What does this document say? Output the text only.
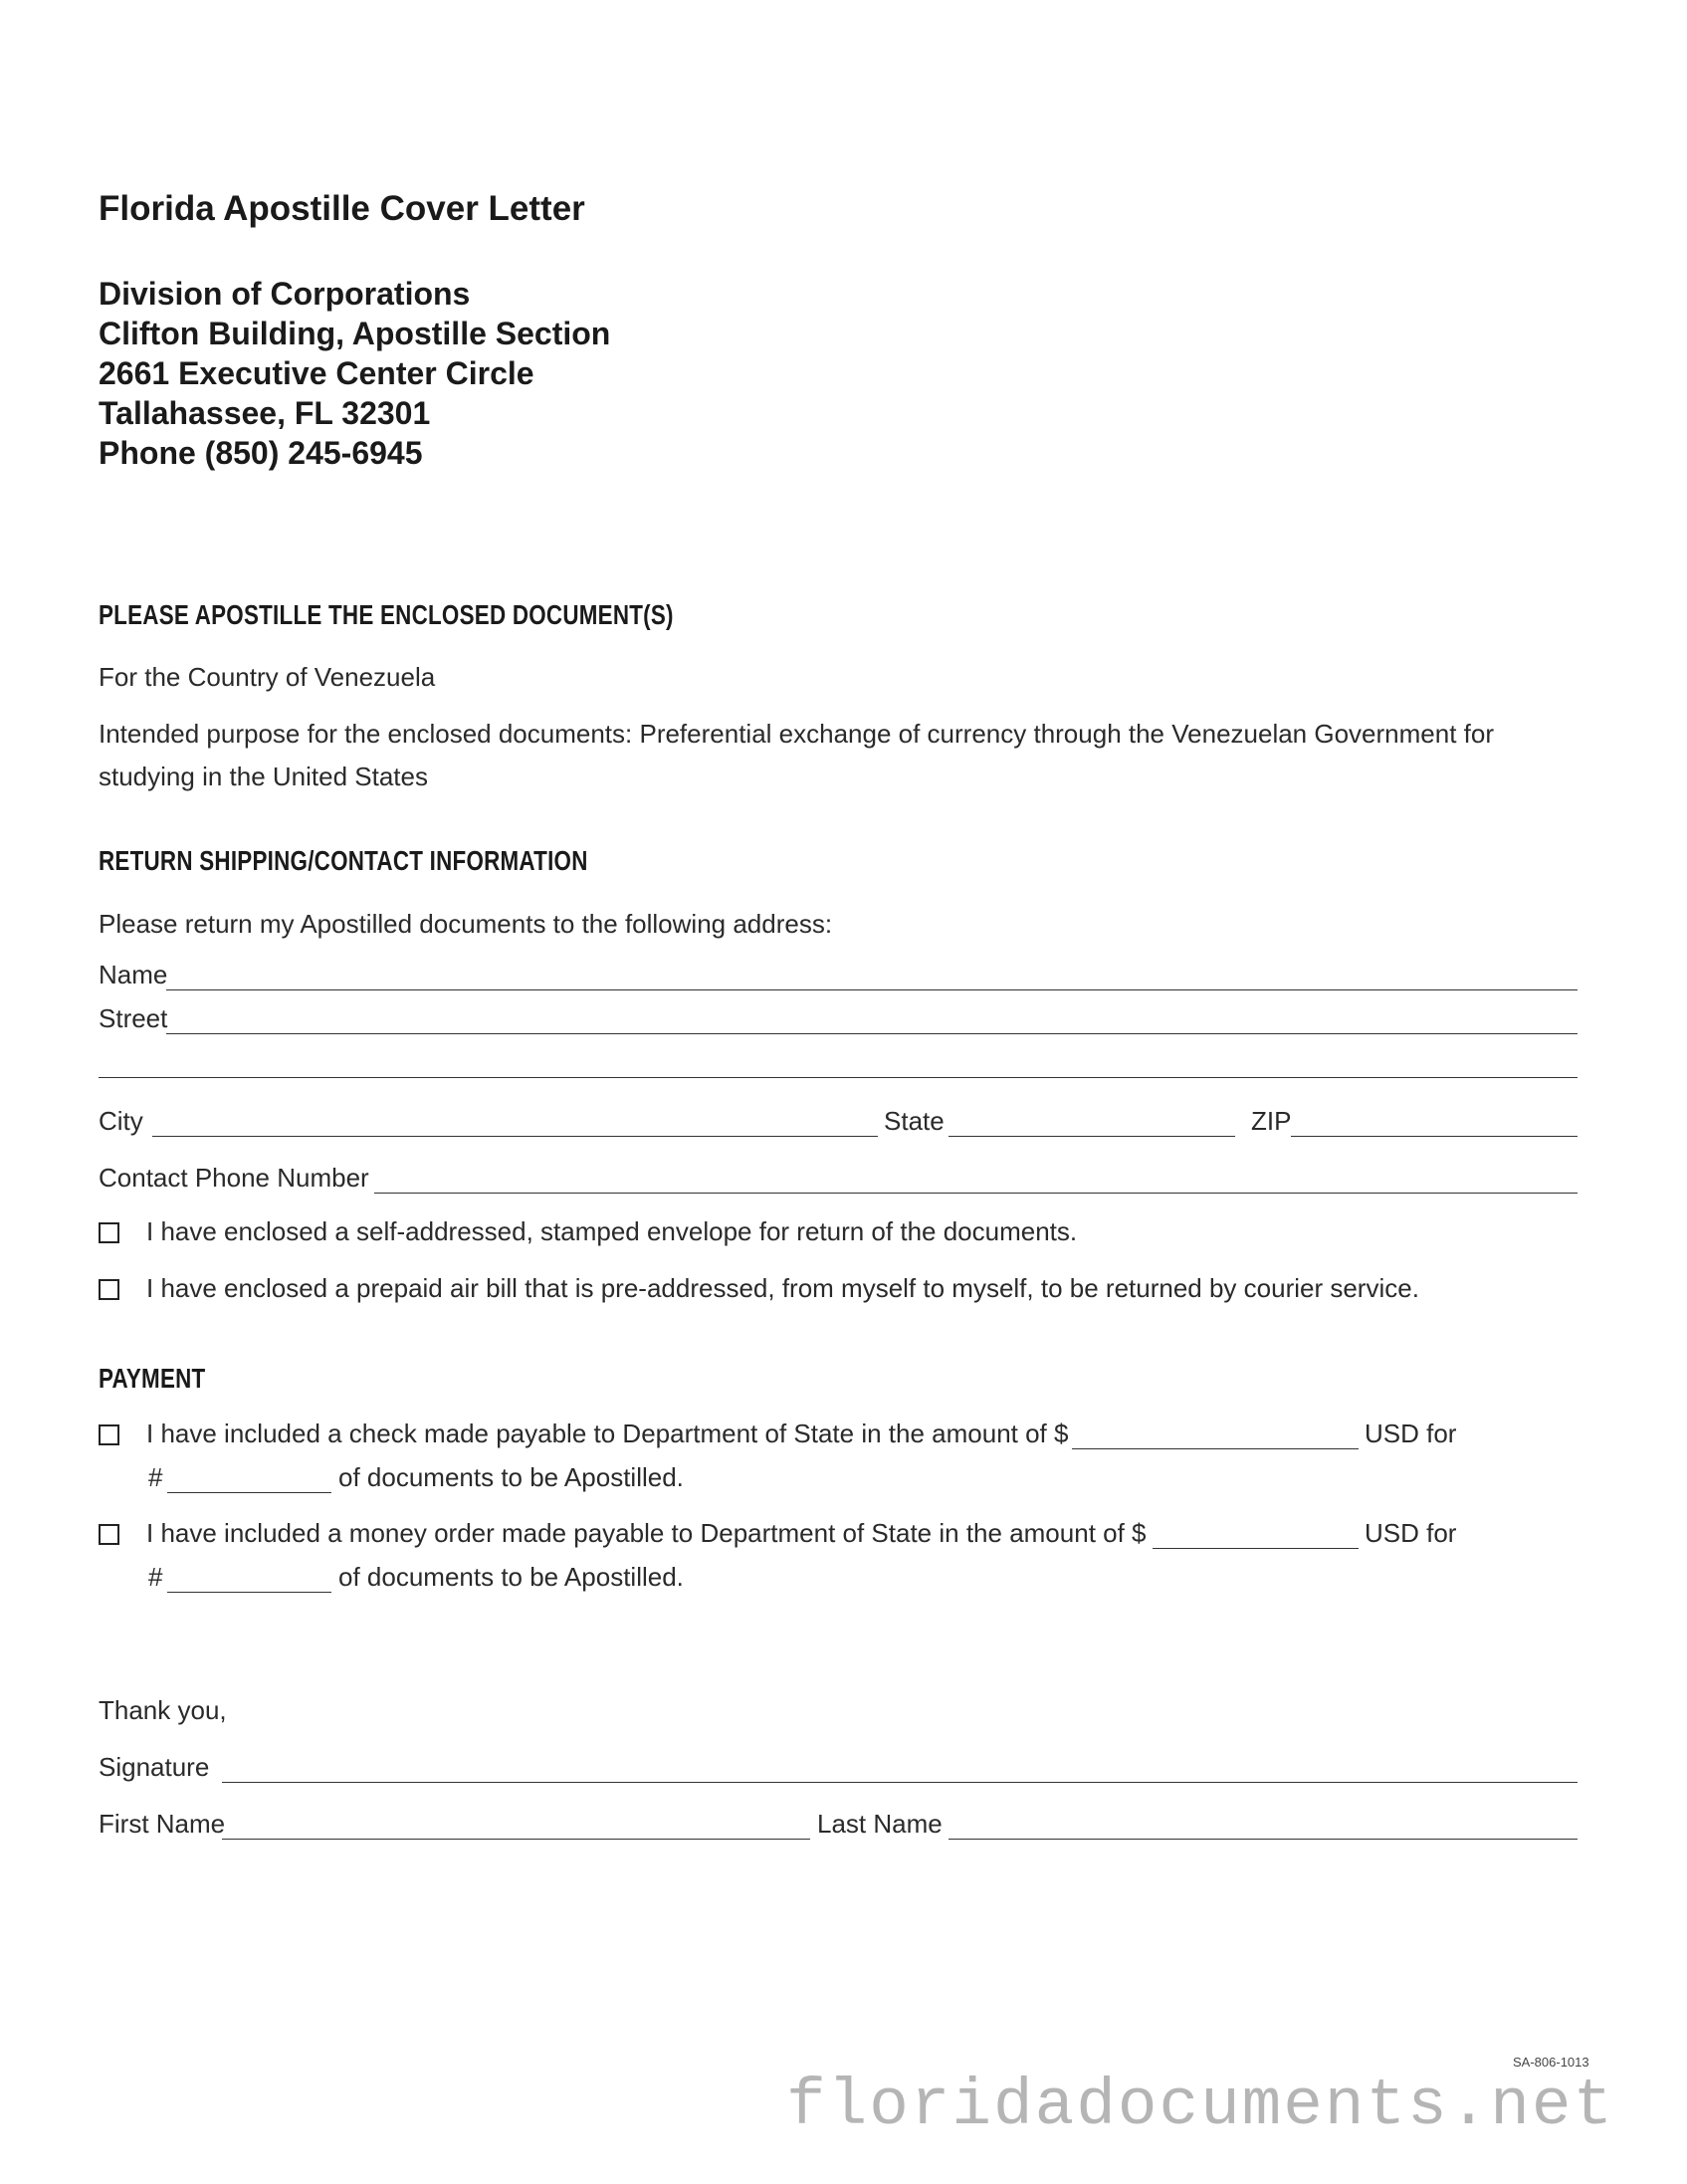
Florida Apostille Cover Letter
Division of Corporations
Clifton Building, Apostille Section
2661 Executive Center Circle
Tallahassee, FL 32301
Phone (850) 245-6945
PLEASE APOSTILLE THE ENCLOSED DOCUMENT(S)
For the Country of Venezuela
Intended purpose for the enclosed documents: Preferential exchange of currency through the Venezuelan Government for
studying in the United States
RETURN SHIPPING/CONTACT INFORMATION
Please return my Apostilled documents to the following address:
Name
Street
City	State	ZIP
Contact Phone Number
I have enclosed a self-addressed, stamped envelope for return of the documents.
I have enclosed a prepaid air bill that is pre-addressed, from myself to myself, to be returned by courier service.
PAYMENT
I have included a check made payable to Department of State in the amount of $	USD for
#	of documents to be Apostilled.
I have included a money order made payable to Department of State in the amount of $	USD for
#	of documents to be Apostilled.
Thank you,
Signature
First Name	Last Name
SA-806-1013
floridadocuments.net
